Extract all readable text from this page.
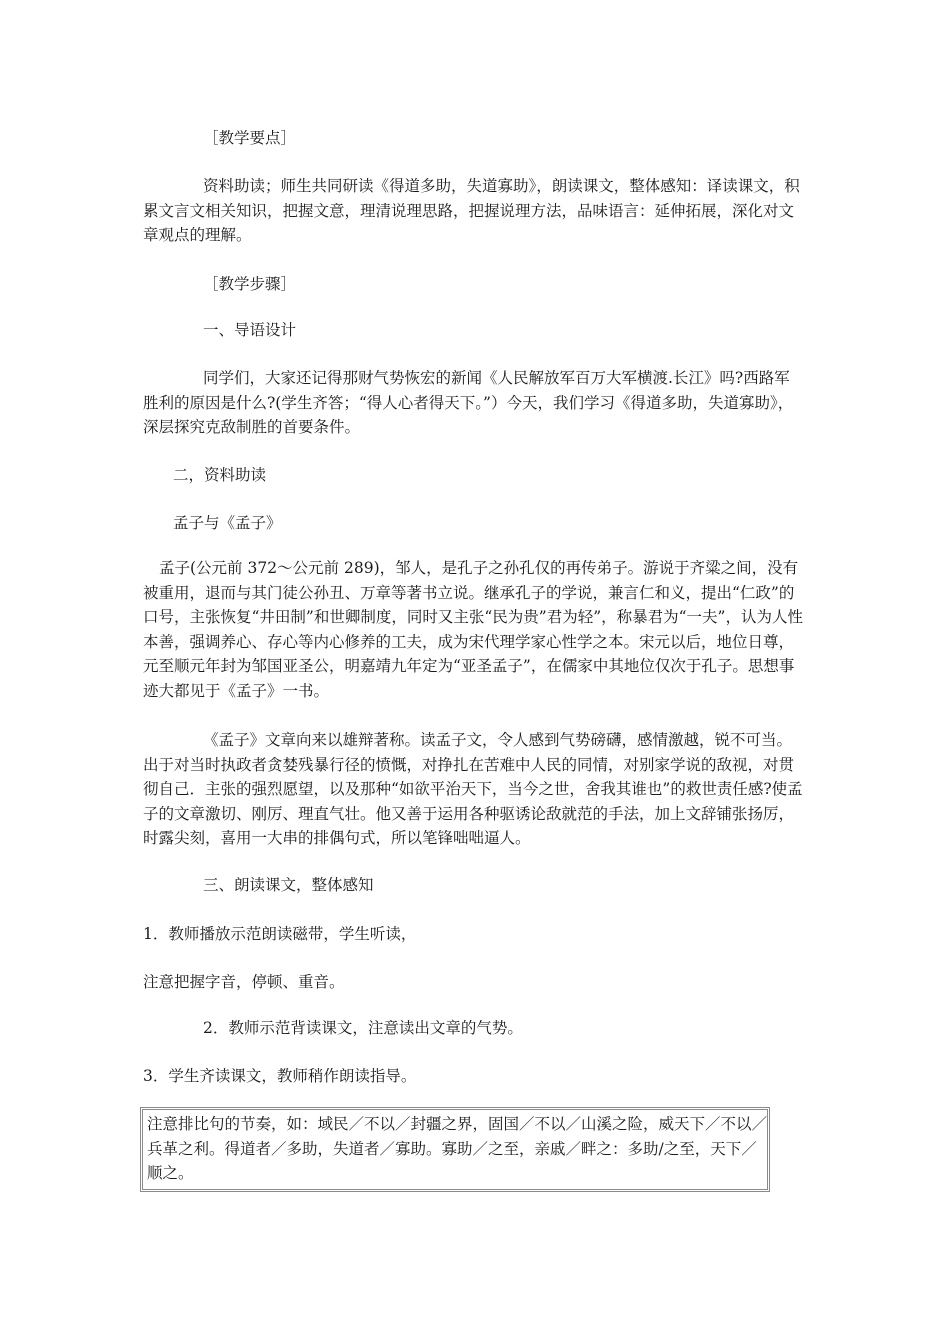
［教学要点］

资料助读；师生共同研读《得道多助，失道寡助》，朗读课文，整体感知：译读课文，积累文言文相关知识，把握文意，理清说理思路，把握说理方法，品味语言：延伸拓展，深化对文章观点的理解。

［教学步骤］

一、导语设计

同学们，大家还记得那财气势恢宏的新闻《人民解放军百万大军横渡.长江》吗?西路军胜利的原因是什么?(学生齐答；“得人心者得天下。”）今天，我们学习《得道多助，失道寡助》，深层探究克敌制胜的首要条件。

二，资料助读

孟子与《孟子》

孟子(公元前 372～公元前 289)，邹人，是孔子之孙孔仅的再传弟子。游说于齐粱之间，没有被重用，退而与其门徒公孙丑、万章等著书立说。继承孔子的学说，兼言仁和义，提出“仁政”的口号，主张恢复“井田制”和世卿制度，同时又主张“民为贵”君为轻”，称暴君为“一夫”，认为人性本善，强调养心、存心等内心修养的工夫，成为宋代理学家心性学之本。宋元以后，地位日尊，元至顺元年封为邹国亚圣公，明嘉靖九年定为“亚圣孟子”，在儒家中其地位仅次于孔子。思想事迹大都见于《孟子》一书。

《孟子》文章向来以雄辩著称。读孟子文，令人感到气势磅礴，感情激越，锐不可当。出于对当时执政者贪婪残暴行径的愤慨，对挣扎在苦难中人民的同情，对别家学说的敌视，对贯彻自己．主张的强烈愿望，以及那种“如欲平治天下，当今之世，舍我其谁也”的救世责任感?使孟子的文章激切、刚厉、理直气壮。他又善于运用各种驱诱论敌就范的手法，加上文辞铺张扬厉，时露尖刻，喜用一大串的排偶句式，所以笔锋咄咄逼人。

三、朗读课文，整体感知

1．教师播放示范朗读磁带，学生听读，

注意把握字音，停顿、重音。

2．教师示范背读课文，注意读出文章的气势。

3．学生齐读课文，教师稍作朗读指导。

注意排比句的节奏，如：域民／不以／封疆之界，固国／不以／山溪之险，威天下／不以／兵革之利。得道者／多助，失道者／寡助。寡助／之至，亲戚／畔之：多助/之至，天下／顺之。
